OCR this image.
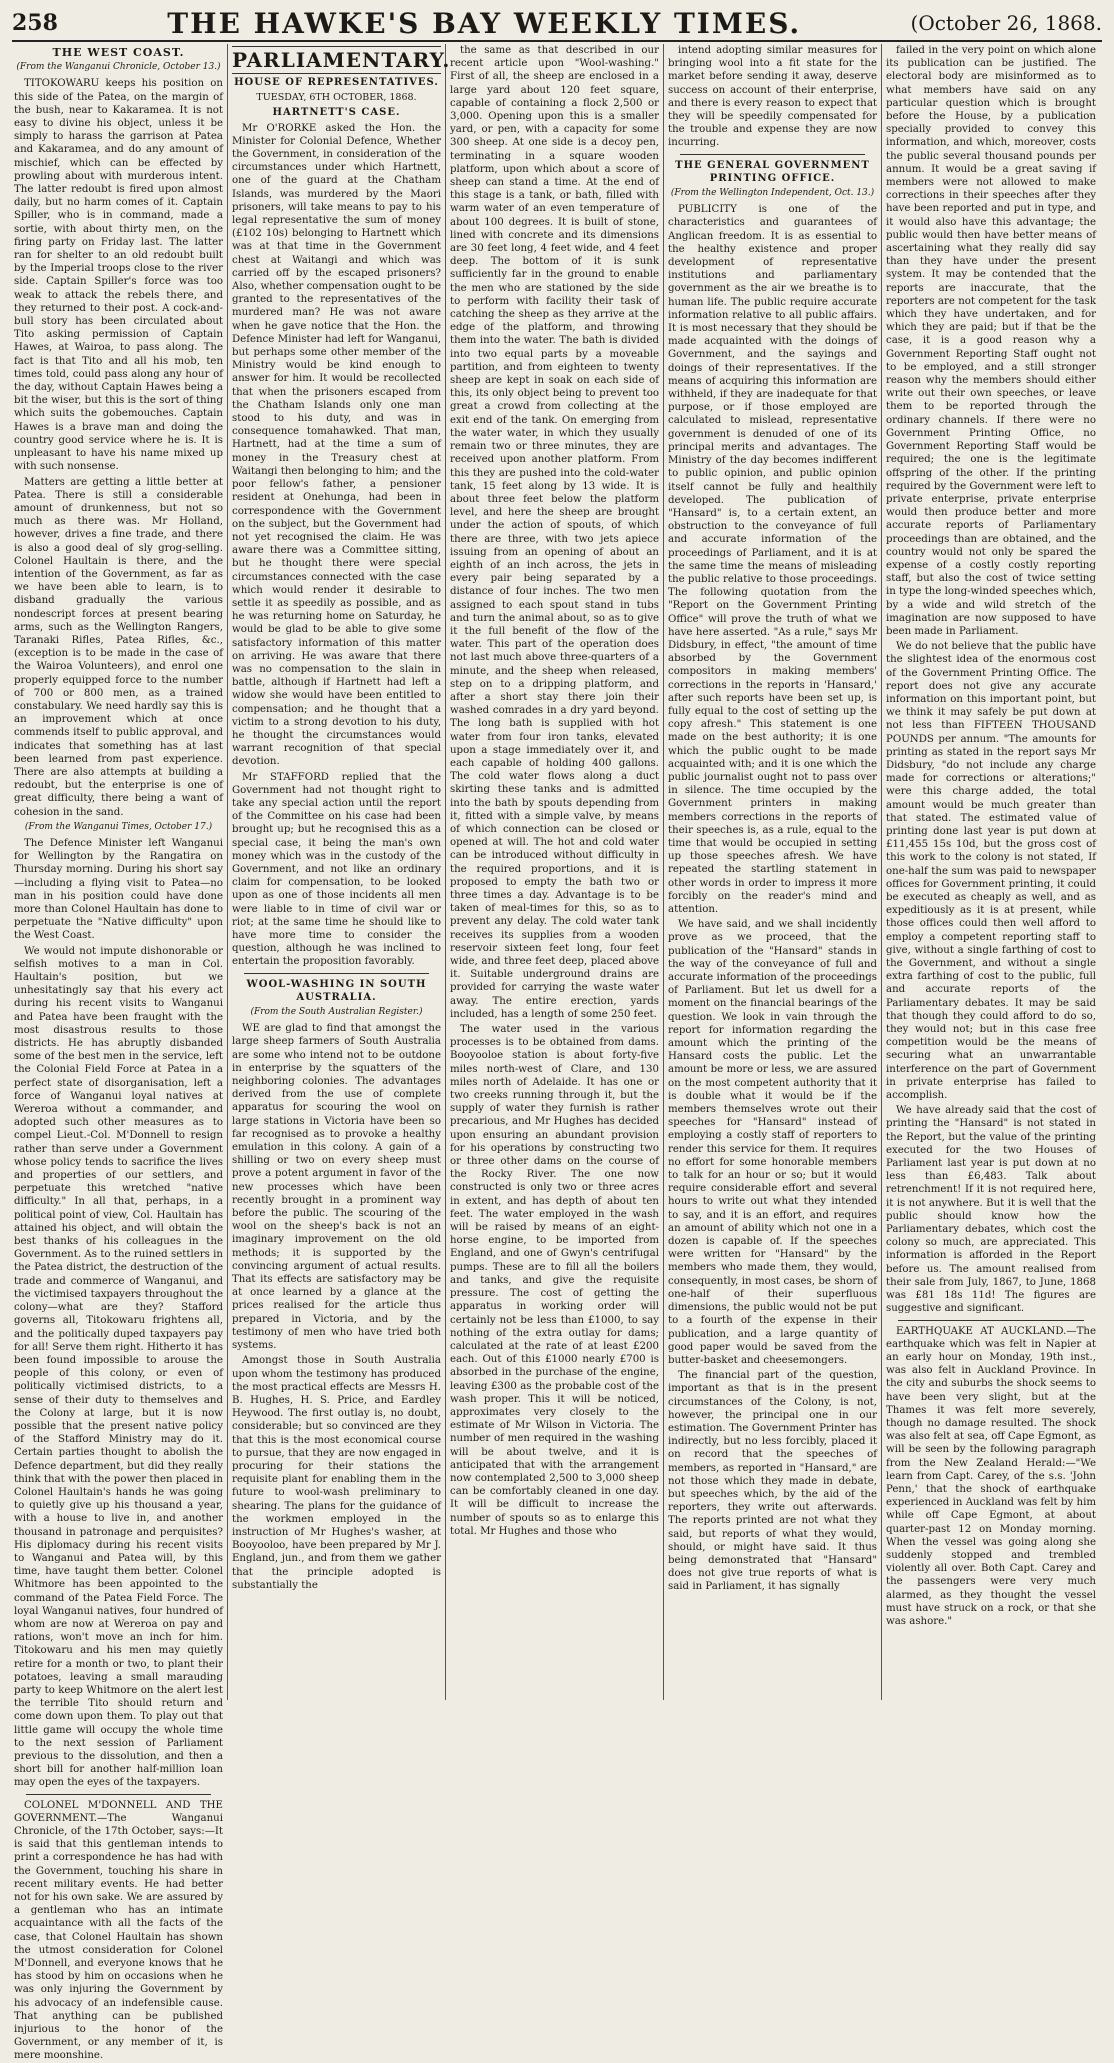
258	THE HAWKE'S BAY WEEKLY TIMES.	(October 26, 1868.
THE WEST COAST.
(From the Wanganui Chronicle, October 13.)

TITOKOWARU keeps his position on this side of the Patea, on the margin of the bush, near to Kakaramea. It is not easy to divine his object, unless it be simply to harass the garrison at Patea and Kakaramea, and do any amount of mischief, which can be effected by prowling about with murderous intent. The latter redoubt is fired upon almost daily, but no harm comes of it. Captain Spiller, who is in command, made a sortie, with about thirty men, on the firing party on Friday last. The latter ran for shelter to an old redoubt built by the Imperial troops close to the river side. Captain Spiller's force was too weak to attack the rebels there, and they returned to their post. A cock-and-bull story has been circulated about Tito asking permission of Captain Hawes, at Wairoa, to pass along. The fact is that Tito and all his mob, ten times told, could pass along any hour of the day, without Captain Hawes being a bit the wiser, but this is the sort of thing which suits the gobemouches. Captain Hawes is a brave man and doing the country good service where he is. It is unpleasant to have his name mixed up with such nonsense.

Matters are getting a little better at Patea. There is still a considerable amount of drunkenness, but not so much as there was. Mr Holland, however, drives a fine trade, and there is also a good deal of sly grog-selling. Colonel Haultain is there, and the intention of the Government, as far as we have been able to learn, is to disband gradually the various nondescript forces at present bearing arms, such as the Wellington Rangers, Taranaki Rifles, Patea Rifles, &c., (exception is to be made in the case of the Wairoa Volunteers), and enrol one properly equipped force to the number of 700 or 800 men, as a trained constabulary. We need hardly say this is an improvement which at once commends itself to public approval, and indicates that something has at last been learned from past experience. There are also attempts at building a redoubt, but the enterprise is one of great difficulty, there being a want of cohesion in the sand.

(From the Wanganui Times, October 17.)

The Defence Minister left Wanganui for Wellington by the Rangatira on Thursday morning. During his short say—including a flying visit to Patea—no man in his position could have done more than Colonel Haultain has done to perpetuate the "Native difficulty" upon the West Coast.

We would not impute dishonorable or selfish motives to a man in Col. Haultain's position, but we unhesitatingly say that his every act during his recent visits to Wanganui and Patea have been fraught with the most disastrous results to those districts. He has abruptly disbanded some of the best men in the service, left the Colonial Field Force at Patea in a perfect state of disorganisation, left a force of Wanganui loyal natives at Wereroa without a commander, and adopted such other measures as to compel Lieut.-Col. M'Donnell to resign rather than serve under a Government whose policy tends to sacrifice the lives and properties of our settlers, and perpetuate this wretched "native difficulty." In all that, perhaps, in a political point of view, Col. Haultain has attained his object, and will obtain the best thanks of his colleagues in the Government. As to the ruined settlers in the Patea district, the destruction of the trade and commerce of Wanganui, and the victimised taxpayers throughout the colony—what are they? Stafford governs all, Titokowaru frightens all, and the politically duped taxpayers pay for all! Serve them right. Hitherto it has been found impossible to arouse the people of this colony, or even of politically victimised districts, to a sense of their duty to themselves and the Colony at large, but it is now possible that the present native policy of the Stafford Ministry may do it. Certain parties thought to abolish the Defence department, but did they really think that with the power then placed in Colonel Haultain's hands he was going to quietly give up his thousand a year, with a house to live in, and another thousand in patronage and perquisites? His diplomacy during his recent visits to Wanganui and Patea will, by this time, have taught them better. Colonel Whitmore has been appointed to the command of the Patea Field Force. The loyal Wanganui natives, four hundred of whom are now at Wereroa on pay and rations, won't move an inch for him. Titokowaru and his men may quietly retire for a month or two, to plant their potatoes, leaving a small marauding party to keep Whitmore on the alert lest the terrible Tito should return and come down upon them. To play out that little game will occupy the whole time to the next session of Parliament previous to the dissolution, and then a short bill for another half-million loan may open the eyes of the taxpayers.

COLONEL M'DONNELL AND THE GOVERNMENT.—The Wanganui Chronicle, of the 17th October, says:—It is said that this gentleman intends to print a correspondence he has had with the Government, touching his share in recent military events. He had better not for his own sake. We are assured by a gentleman who has an intimate acquaintance with all the facts of the case, that Colonel Haultain has shown the utmost consideration for Colonel M'Donnell, and everyone knows that he has stood by him on occasions when he was only injuring the Government by his advocacy of an indefensible cause. That anything can be published injurious to the honor of the Government, or any member of it, is mere moonshine.

PARLIAMENTARY.
HOUSE OF REPRESENTATIVES.
TUESDAY, 6TH OCTOBER, 1868.
HARTNETT'S CASE.

Mr O'RORKE asked the Hon. the Minister for Colonial Defence, Whether the Government, in consideration of the circumstances under which Hartnett, one of the guard at the Chatham Islands, was murdered by the Maori prisoners, will take means to pay to his legal representative the sum of money (£102 10s) belonging to Hartnett which was at that time in the Government chest at Waitangi and which was carried off by the escaped prisoners? Also, whether compensation ought to be granted to the representatives of the murdered man? He was not aware when he gave notice that the Hon. the Defence Minister had left for Wanganui, but perhaps some other member of the Ministry would be kind enough to answer for him. It would be recollected that when the prisoners escaped from the Chatham Islands only one man stood to his duty, and was in consequence tomahawked. That man, Hartnett, had at the time a sum of money in the Treasury chest at Waitangi then belonging to him; and the poor fellow's father, a pensioner resident at Onehunga, had been in correspondence with the Government on the subject, but the Government had not yet recognised the claim. He was aware there was a Committee sitting, but he thought there were special circumstances connected with the case which would render it desirable to settle it as speedily as possible, and as he was returning home on Saturday, he would be glad to be able to give some satisfactory information of this matter on arriving. He was aware that there was no compensation to the slain in battle, although if Hartnett had left a widow she would have been entitled to compensation; and he thought that a victim to a strong devotion to his duty, he thought the circumstances would warrant recognition of that special devotion.

Mr STAFFORD replied that the Government had not thought right to take any special action until the report of the Committee on his case had been brought up; but he recognised this as a special case, it being the man's own money which was in the custody of the Government, and not like an ordinary claim for compensation, to be looked upon as one of those incidents all men were liable to in time of civil war or riot; at the same time he should like to have more time to consider the question, although he was inclined to entertain the proposition favorably.

WOOL-WASHING IN SOUTH AUSTRALIA.
(From the South Australian Register.)

WE are glad to find that amongst the large sheep farmers of South Australia are some who intend not to be outdone in enterprise by the squatters of the neighboring colonies. The advantages derived from the use of complete apparatus for scouring the wool on large stations in Victoria have been so far recognised as to provoke a healthy emulation in this colony. A gain of a shilling or two on every sheep must prove a potent argument in favor of the new processes which have been recently brought in a prominent way before the public. The scouring of the wool on the sheep's back is not an imaginary improvement on the old methods; it is supported by the convincing argument of actual results. That its effects are satisfactory may be at once learned by a glance at the prices realised for the article thus prepared in Victoria, and by the testimony of men who have tried both systems.

Amongst those in South Australia upon whom the testimony has produced the most practical effects are Messrs H. B. Hughes, H. S. Price, and Eardley Heywood. The first outlay is, no doubt, considerable; but so convinced are they that this is the most economical course to pursue, that they are now engaged in procuring for their stations the requisite plant for enabling them in the future to wool-wash preliminary to shearing. The plans for the guidance of the workmen employed in the instruction of Mr Hughes's washer, at Booyooloo, have been prepared by Mr J. England, jun., and from them we gather that the principle adopted is substantially the

the same as that described in our recent article upon "Wool-washing." First of all, the sheep are enclosed in a large yard about 120 feet square, capable of containing a flock 2,500 or 3,000. Opening upon this is a smaller yard, or pen, with a capacity for some 300 sheep. At one side is a decoy pen, terminating in a square wooden platform, upon which about a score of sheep can stand a time. At the end of this stage is a tank, or bath, filled with warm water of an even temperature of about 100 degrees. It is built of stone, lined with concrete and its dimensions are 30 feet long, 4 feet wide, and 4 feet deep. The bottom of it is sunk sufficiently far in the ground to enable the men who are stationed by the side to perform with facility their task of catching the sheep as they arrive at the edge of the platform, and throwing them into the water. The bath is divided into two equal parts by a moveable partition, and from eighteen to twenty sheep are kept in soak on each side of this, its only object being to prevent too great a crowd from collecting at the exit end of the tank. On emerging from the water water, in which they usually remain two or three minutes, they are received upon another platform. From this they are pushed into the cold-water tank, 15 feet along by 13 wide. It is about three feet below the platform level, and here the sheep are brought under the action of spouts, of which there are three, with two jets apiece issuing from an opening of about an eighth of an inch across, the jets in every pair being separated by a distance of four inches. The two men assigned to each spout stand in tubs and turn the animal about, so as to give it the full benefit of the flow of the water. This part of the operation does not last much above three-quarters of a minute, and the sheep when released, step on to a dripping platform, and after a short stay there join their washed comrades in a dry yard beyond. The long bath is supplied with hot water from four iron tanks, elevated upon a stage immediately over it, and each capable of holding 400 gallons. The cold water flows along a duct skirting these tanks and is admitted into the bath by spouts depending from it, fitted with a simple valve, by means of which connection can be closed or opened at will. The hot and cold water can be introduced without difficulty in the required proportions, and it is proposed to empty the bath two or three times a day. Advantage is to be taken of meal-times for this, so as to prevent any delay. The cold water tank receives its supplies from a wooden reservoir sixteen feet long, four feet wide, and three feet deep, placed above it. Suitable underground drains are provided for carrying the waste water away. The entire erection, yards included, has a length of some 250 feet.

The water used in the various processes is to be obtained from dams. Booyooloe station is about forty-five miles north-west of Clare, and 130 miles north of Adelaide. It has one or two creeks running through it, but the supply of water they furnish is rather precarious, and Mr Hughes has decided upon ensuring an abundant provision for his operations by constructing two or three other dams on the course of the Rocky River. The one now constructed is only two or three acres in extent, and has depth of about ten feet. The water employed in the wash will be raised by means of an eight-horse engine, to be imported from England, and one of Gwyn's centrifugal pumps. These are to fill all the boilers and tanks, and give the requisite pressure. The cost of getting the apparatus in working order will certainly not be less than £1000, to say nothing of the extra outlay for dams; calculated at the rate of at least £200 each. Out of this £1000 nearly £700 is absorbed in the purchase of the engine, leaving £300 as the probable cost of the wash proper. This it will be noticed, approximates very closely to the estimate of Mr Wilson in Victoria. The number of men required in the washing will be about twelve, and it is anticipated that with the arrangement now contemplated 2,500 to 3,000 sheep can be comfortably cleaned in one day. It will be difficult to increase the number of spouts so as to enlarge this total. Mr Hughes and those who

intend adopting similar measures for bringing wool into a fit state for the market before sending it away, deserve success on account of their enterprise, and there is every reason to expect that they will be speedily compensated for the trouble and expense they are now incurring.

THE GENERAL GOVERNMENT PRINTING OFFICE.
(From the Wellington Independent, Oct. 13.)

PUBLICITY is one of the characteristics and guarantees of Anglican freedom. It is as essential to the healthy existence and proper development of representative institutions and parliamentary government as the air we breathe is to human life. The public require accurate information relative to all public affairs. It is most necessary that they should be made acquainted with the doings of Government, and the sayings and doings of their representatives. If the means of acquiring this information are withheld, if they are inadequate for that purpose, or if those employed are calculated to mislead, representative government is denuded of one of its principal merits and advantages. The Ministry of the day becomes indifferent to public opinion, and public opinion itself cannot be fully and healthily developed. The publication of "Hansard" is, to a certain extent, an obstruction to the conveyance of full and accurate information of the proceedings of Parliament, and it is at the same time the means of misleading the public relative to those proceedings. The following quotation from the "Report on the Government Printing Office" will prove the truth of what we have here asserted. "As a rule," says Mr Didsbury, in effect, "the amount of time absorbed by the Government compositors in making members' corrections in the reports in 'Hansard,' after such reports have been set up, is fully equal to the cost of setting up the copy afresh." This statement is one made on the best authority; it is one which the public ought to be made acquainted with; and it is one which the public journalist ought not to pass over in silence. The time occupied by the Government printers in making members corrections in the reports of their speeches is, as a rule, equal to the time that would be occupied in setting up those speeches afresh. We have repeated the startling statement in other words in order to impress it more forcibly on the reader's mind and attention.

We have said, and we shall incidently prove as we proceed, that the publication of the "Hansard" stands in the way of the conveyance of full and accurate information of the proceedings of Parliament. But let us dwell for a moment on the financial bearings of the question. We look in vain through the report for information regarding the amount which the printing of the Hansard costs the public. Let the amount be more or less, we are assured on the most competent authority that it is double what it would be if the members themselves wrote out their speeches for "Hansard" instead of employing a costly staff of reporters to render this service for them. It requires no effort for some honorable members to talk for an hour or so; but it would require considerable effort and several hours to write out what they intended to say, and it is an effort, and requires an amount of ability which not one in a dozen is capable of. If the speeches were written for "Hansard" by the members who made them, they would, consequently, in most cases, be shorn of one-half of their superfluous dimensions, the public would not be put to a fourth of the expense in their publication, and a large quantity of good paper would be saved from the butter-basket and cheesemongers.

The financial part of the question, important as that is in the present circumstances of the Colony, is not, however, the principal one in our estimation. The Government Printer has indirectly, but no less forcibly, placed it on record that the speeches of members, as reported in "Hansard," are not those which they made in debate, but speeches which, by the aid of the reporters, they write out afterwards. The reports printed are not what they said, but reports of what they would, should, or might have said. It thus being demonstrated that "Hansard" does not give true reports of what is said in Parliament, it has signally

failed in the very point on which alone its publication can be justified. The electoral body are misinformed as to what members have said on any particular question which is brought before the House, by a publication specially provided to convey this information, and which, moreover, costs the public several thousand pounds per annum. It would be a great saving if members were not allowed to make corrections in their speeches after they have been reported and put in type, and it would also have this advantage; the public would then have better means of ascertaining what they really did say than they have under the present system. It may be contended that the reports are inaccurate, that the reporters are not competent for the task which they have undertaken, and for which they are paid; but if that be the case, it is a good reason why a Government Reporting Staff ought not to be employed, and a still stronger reason why the members should either write out their own speeches, or leave them to be reported through the ordinary channels. If there were no Government Printing Office, no Government Reporting Staff would be required; the one is the legitimate offspring of the other. If the printing required by the Government were left to private enterprise, private enterprise would then produce better and more accurate reports of Parliamentary proceedings than are obtained, and the country would not only be spared the expense of a costly costly reporting staff, but also the cost of twice setting in type the long-winded speeches which, by a wide and wild stretch of the imagination are now supposed to have been made in Parliament.

We do not believe that the public have the slightest idea of the enormous cost of the Government Printing Office. The report does not give any accurate information on this important point, but we think it may safely be put down at not less than FIFTEEN THOUSAND POUNDS per annum. "The amounts for printing as stated in the report says Mr Didsbury, "do not include any charge made for corrections or alterations;" were this charge added, the total amount would be much greater than that stated. The estimated value of printing done last year is put down at £11,455 15s 10d, but the gross cost of this work to the colony is not stated, If one-half the sum was paid to newspaper offices for Government printing, it could be executed as cheaply as well, and as expeditiously as it is at present, while those offices could then well afford to employ a competent reporting staff to give, without a single farthing of cost to the Government, and without a single extra farthing of cost to the public, full and accurate reports of the Parliamentary debates. It may be said that though they could afford to do so, they would not; but in this case free competition would be the means of securing what an unwarrantable interference on the part of Government in private enterprise has failed to accomplish.

We have already said that the cost of printing the "Hansard" is not stated in the Report, but the value of the printing executed for the two Houses of Parliament last year is put down at no less than £6,483. Talk about retrenchment! If it is not required here, it is not anywhere. But it is well that the public should know how the Parliamentary debates, which cost the colony so much, are appreciated. This information is afforded in the Report before us. The amount realised from their sale from July, 1867, to June, 1868 was £81 18s 11d! The figures are suggestive and significant.

EARTHQUAKE AT AUCKLAND.—The earthquake which was felt in Napier at an early hour on Monday, 19th inst., was also felt in Auckland Province. In the city and suburbs the shock seems to have been very slight, but at the Thames it was felt more severely, though no damage resulted. The shock was also felt at sea, off Cape Egmont, as will be seen by the following paragraph from the New Zealand Herald:—"We learn from Capt. Carey, of the s.s. 'John Penn,' that the shock of earthquake experienced in Auckland was felt by him while off Cape Egmont, at about quarter-past 12 on Monday morning. When the vessel was going along she suddenly stopped and trembled violently all over. Both Capt. Carey and the passengers were very much alarmed, as they thought the vessel must have struck on a rock, or that she was ashore."
